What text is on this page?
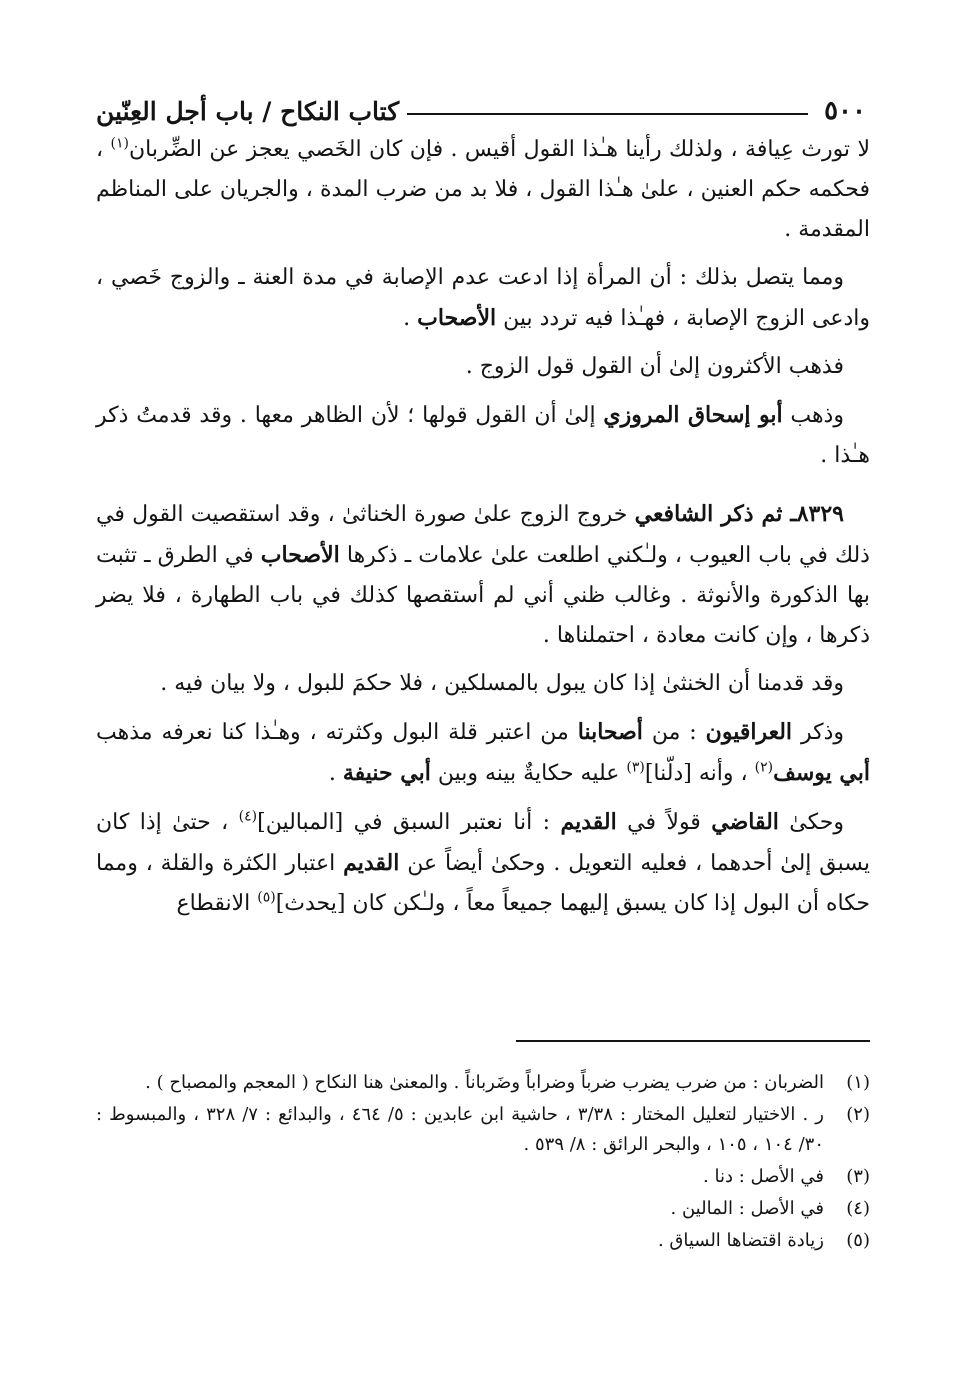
٥٠٠
كتاب النكاح / باب أجل العِنّين

لا تورث عِيافة ، ولذلك رأينا هـٰذا القول أقيس . فإن كان الخَصي يعجز عن الضِّربان$^{(١)}$ ، فحكمه حكم العنين ، علىٰ هـٰذا القول ، فلا بد من ضرب المدة ، والجريان على المناظم المقدمة .

ومما يتصل بذلك : أن المرأة إذا ادعت عدم الإصابة في مدة العنة ـ والزوج خَصي ، وادعى الزوج الإصابة ، فهـٰذا فيه تردد بين الأصحاب .

فذهب الأكثرون إلىٰ أن القول قول الزوج .

وذهب أبو إسحاق المروزي إلىٰ أن القول قولها ؛ لأن الظاهر معها . وقد قدمتُ ذكر هـٰذا .

٨٣٢٩ـ ثم ذكر الشافعي خروج الزوج علىٰ صورة الخناثىٰ ، وقد استقصيت القول في ذلك في باب العيوب ، ولـٰكني اطلعت علىٰ علامات ـ ذكرها الأصحاب في الطرق ـ تثبت بها الذكورة والأنوثة . وغالب ظني أني لم أستقصها كذلك في باب الطهارة ، فلا يضر ذكرها ، وإن كانت معادة ، احتملناها .

وقد قدمنا أن الخنثىٰ إذا كان يبول بالمسلكين ، فلا حكمَ للبول ، ولا بيان فيه .

وذكر العراقيون : من أصحابنا من اعتبر قلة البول وكثرته ، وهـٰذا كنا نعرفه مذهب أبي يوسف$^{(٢)}$ ، وأنه [دلّنا]$^{(٣)}$ عليه حكايةٌ بينه وبين أبي حنيفة .

وحكىٰ القاضي قولاً في القديم : أنا نعتبر السبق في [المبالين]$^{(٤)}$ ، حتىٰ إذا كان يسبق إلىٰ أحدهما ، فعليه التعويل . وحكىٰ أيضاً عن القديم اعتبار الكثرة والقلة ، ومما حكاه أن البول إذا كان يسبق إليهما جميعاً معاً ، ولـٰكن كان [يحدث]$^{(٥)}$ الانقطاع

(١)
الضربان : من ضرب يضرب ضرباً وضراباً وضَرباناً . والمعنىٰ هنا النكاح ( المعجم والمصباح ) .
(٢)
ر . الاختيار لتعليل المختار : ٣/٣٨ ، حاشية ابن عابدين : ٥/ ٤٦٤ ، والبدائع : ٧/ ٣٢٨ ، والمبسوط : ٣٠/ ١٠٤ ، ١٠٥ ، والبحر الرائق : ٨/ ٥٣٩ .
(٣)
في الأصل : دنا .
(٤)
في الأصل : المالين .
(٥)
زيادة اقتضاها السياق .
